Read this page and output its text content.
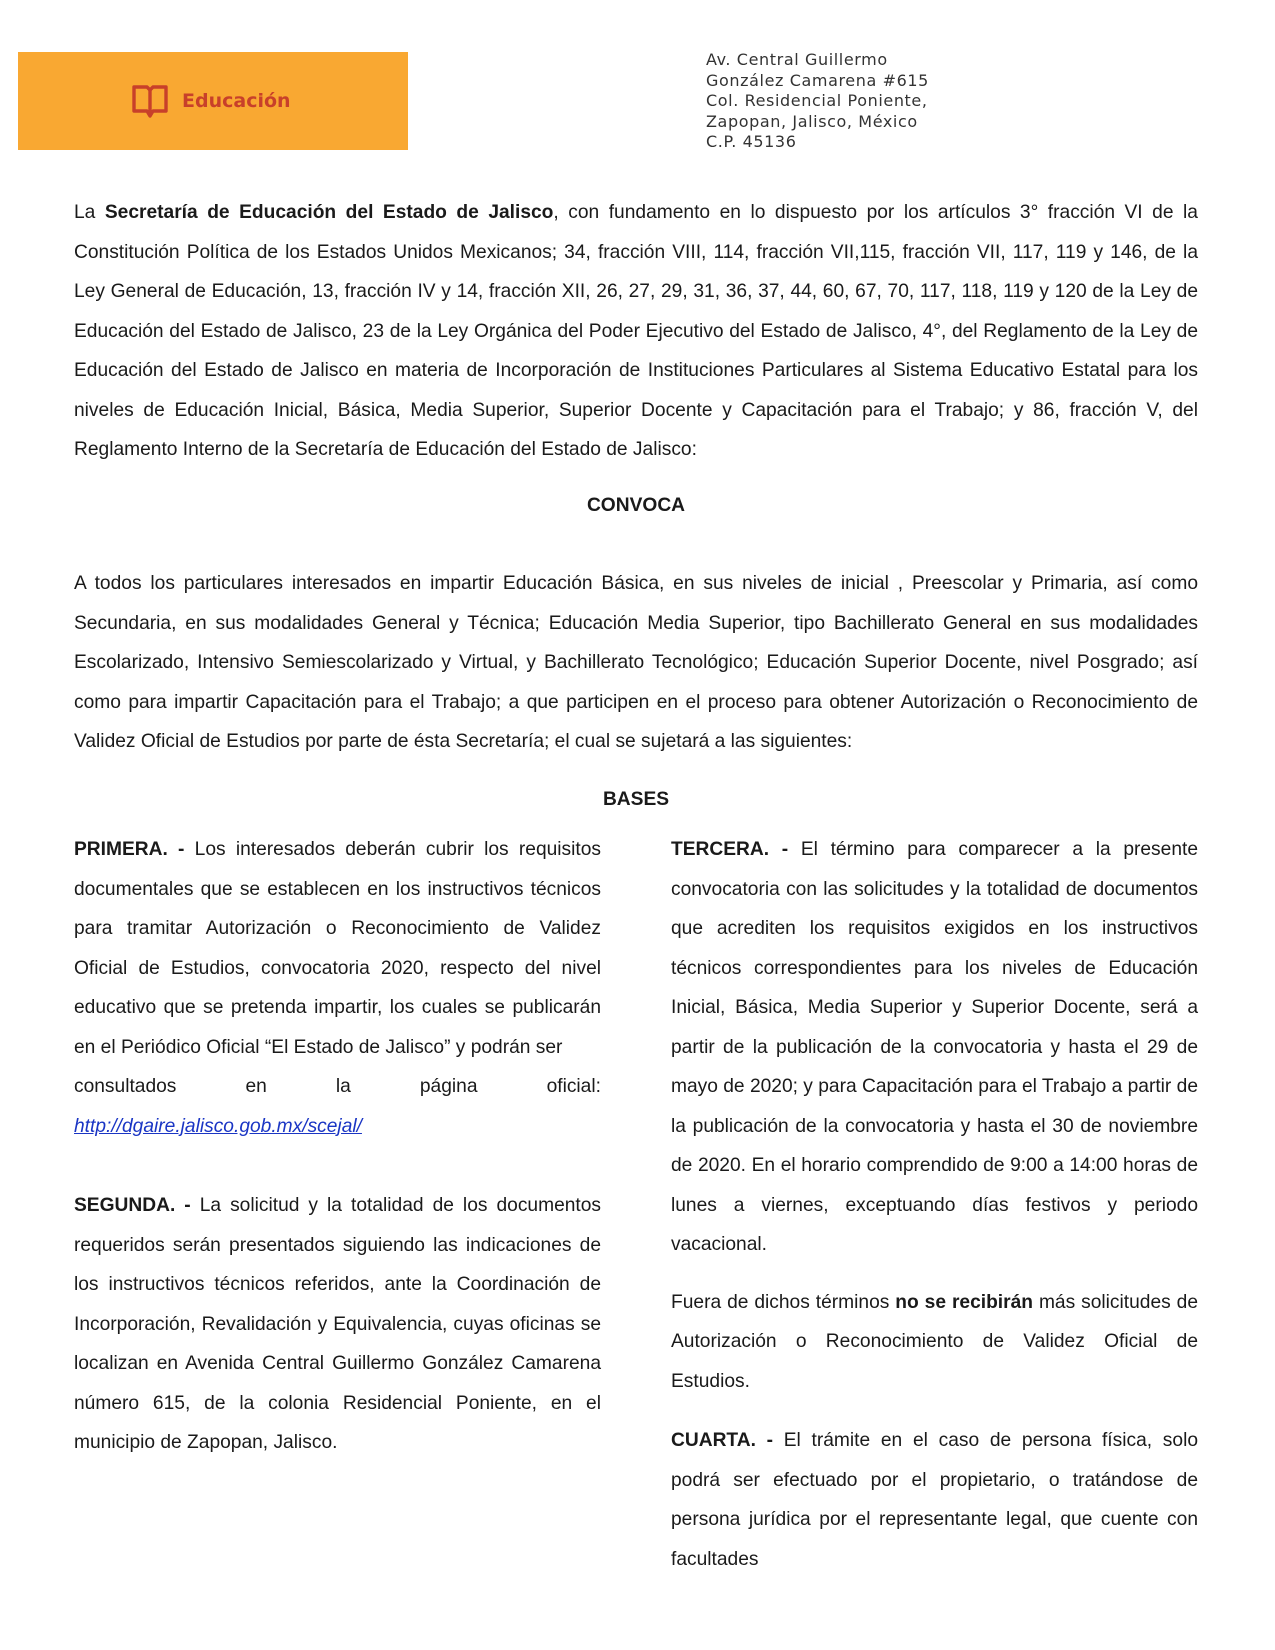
Educación
Av. Central Guillermo
González Camarena #615
Col. Residencial Poniente,
Zapopan, Jalisco, México
C.P. 45136

La Secretaría de Educación del Estado de Jalisco, con fundamento en lo dispuesto por los artículos 3° fracción VI de la Constitución Política de los Estados Unidos Mexicanos; 34, fracción VIII, 114, fracción VII,115, fracción VII, 117, 119 y 146, de la Ley General de Educación, 13, fracción IV y 14, fracción XII, 26, 27, 29, 31, 36, 37, 44, 60, 67, 70, 117, 118, 119 y 120 de la Ley de Educación del Estado de Jalisco, 23 de la Ley Orgánica del Poder Ejecutivo del Estado de Jalisco, 4°, del Reglamento de la Ley de Educación del Estado de Jalisco en materia de Incorporación de Instituciones Particulares al Sistema Educativo Estatal para los niveles de Educación Inicial, Básica, Media Superior, Superior Docente y Capacitación para el Trabajo; y 86, fracción V, del Reglamento Interno de la Secretaría de Educación del Estado de Jalisco:

CONVOCA

A todos los particulares interesados en impartir Educación Básica, en sus niveles de inicial , Preescolar y Primaria, así como Secundaria, en sus modalidades General y Técnica; Educación Media Superior, tipo Bachillerato General en sus modalidades Escolarizado, Intensivo Semiescolarizado y Virtual, y Bachillerato Tecnológico; Educación Superior Docente, nivel Posgrado; así como para impartir Capacitación para el Trabajo; a que participen en el proceso para obtener Autorización o Reconocimiento de Validez Oficial de Estudios por parte de ésta Secretaría; el cual se sujetará a las siguientes:

BASES

PRIMERA. - Los interesados deberán cubrir los requisitos documentales que se establecen en los instructivos técnicos para tramitar Autorización o Reconocimiento de Validez Oficial de Estudios, convocatoria 2020, respecto del nivel educativo que se pretenda impartir, los cuales se publicarán en el Periódico Oficial “El Estado de Jalisco” y podrán ser

consultados	en	la	página	oficial:

http://dgaire.jalisco.gob.mx/scejal/

SEGUNDA. - La solicitud y la totalidad de los documentos requeridos serán presentados siguiendo las indicaciones de los instructivos técnicos referidos, ante la Coordinación de Incorporación, Revalidación y Equivalencia, cuyas oficinas se localizan en Avenida Central Guillermo González Camarena número 615, de la colonia Residencial Poniente, en el municipio de Zapopan, Jalisco.

TERCERA. - El término para comparecer a la presente convocatoria con las solicitudes y la totalidad de documentos que acrediten los requisitos exigidos en los instructivos técnicos correspondientes para los niveles de Educación Inicial, Básica, Media Superior y Superior Docente, será a partir de la publicación de la convocatoria y hasta el 29 de mayo de 2020; y para Capacitación para el Trabajo a partir de la publicación de la convocatoria y hasta el 30 de noviembre de 2020. En el horario comprendido de 9:00 a 14:00 horas de lunes a viernes, exceptuando días festivos y periodo vacacional.

Fuera de dichos términos no se recibirán más solicitudes de Autorización o Reconocimiento de Validez Oficial de Estudios.

CUARTA. - El trámite en el caso de persona física, solo podrá ser efectuado por el propietario, o tratándose de persona jurídica por el representante legal, que cuente con facultades
